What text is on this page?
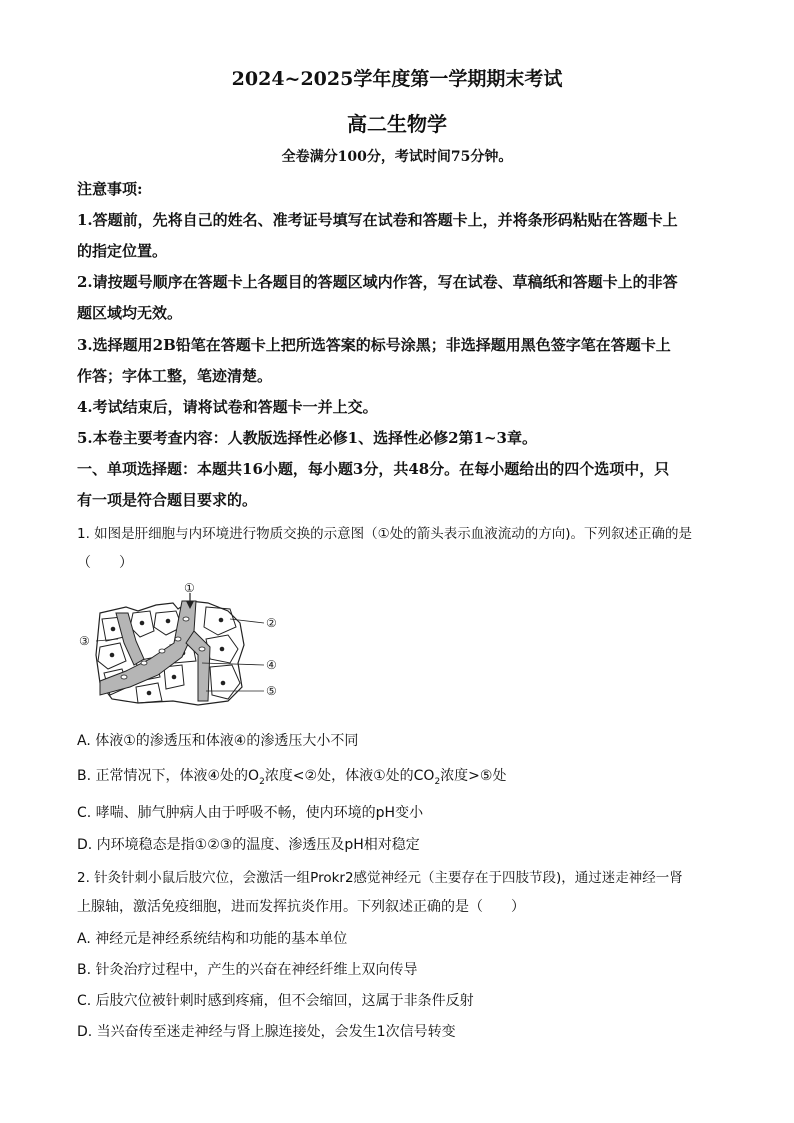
2024~2025学年度第一学期期末考试
高二生物学
全卷满分100分，考试时间75分钟。
注意事项:
1.答题前，先将自己的姓名、准考证号填写在试卷和答题卡上，并将条形码粘贴在答题卡上
的指定位置。
2.请按题号顺序在答题卡上各题目的答题区域内作答，写在试卷、草稿纸和答题卡上的非答
题区域均无效。
3.选择题用2B铅笔在答题卡上把所选答案的标号涂黑；非选择题用黑色签字笔在答题卡上
作答；字体工整，笔迹清楚。
4.考试结束后，请将试卷和答题卡一并上交。
5.本卷主要考查内容：人教版选择性必修1、选择性必修2第1~3章。
一、单项选择题：本题共16小题，每小题3分，共48分。在每小题给出的四个选项中，只
有一项是符合题目要求的。
1. 如图是肝细胞与内环境进行物质交换的示意图（①处的箭头表示血液流动的方向)。下列叙述正确的是
（　　）
①
②
③
④
⑤
A. 体液①的渗透压和体液④的渗透压大小不同
B. 正常情况下，体液④处的$O_2$浓度<②处，体液①处的$CO_2$浓度>⑤处
C. 哮喘、肺气肿病人由于呼吸不畅，使内环境的pH变小
D. 内环境稳态是指①②③的温度、渗透压及pH相对稳定
2. 针灸针刺小鼠后肢穴位，会激活一组Prokr2感觉神经元（主要存在于四肢节段)，通过迷走神经一肾
上腺轴，激活免疫细胞，进而发挥抗炎作用。下列叙述正确的是（　　）
A. 神经元是神经系统结构和功能的基本单位
B. 针灸治疗过程中，产生的兴奋在神经纤维上双向传导
C. 后肢穴位被针刺时感到疼痛，但不会缩回，这属于非条件反射
D. 当兴奋传至迷走神经与肾上腺连接处，会发生1次信号转变
